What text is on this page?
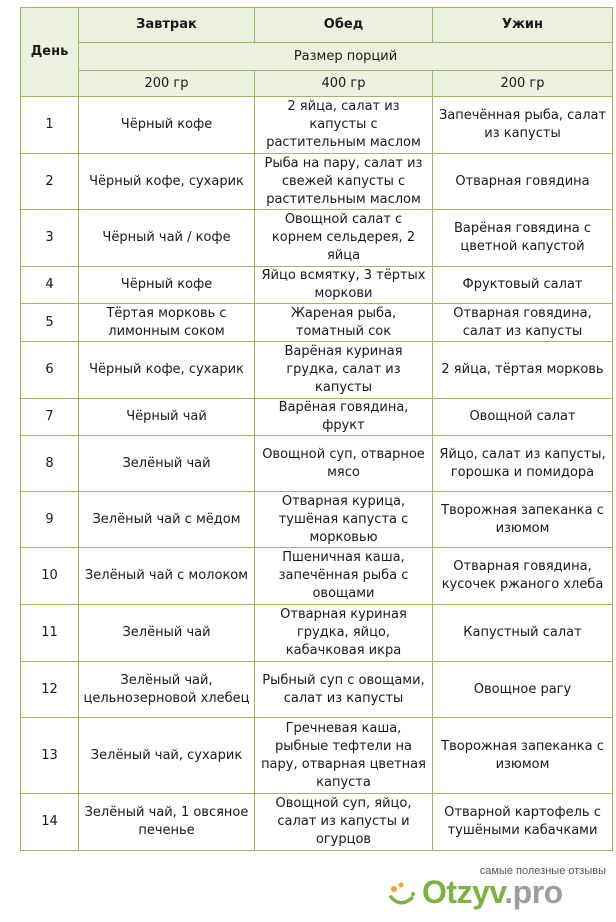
День	Завтрак	Обед	Ужин
	Размер порций		
	200 гр	400 гр	200 гр
1	Чёрный кофе	2 яйца, салат из капусты с растительным маслом	Запечённая рыба, салат из капусты
2	Чёрный кофе, сухарик	Рыба на пару, салат из свежей капусты с растительным маслом	Отварная говядина
3	Чёрный чай / кофе	Овощной салат с корнем сельдерея, 2 яйца	Варёная говядина с цветной капустой
4	Чёрный кофе	Яйцо всмятку, 3 тёртых моркови	Фруктовый салат
5	Тёртая морковь с лимонным соком	Жареная рыба, томатный сок	Отварная говядина, салат из капусты
6	Чёрный кофе, сухарик	Варёная куриная грудка, салат из капусты	2 яйца, тёртая морковь
7	Чёрный чай	Варёная говядина, фрукт	Овощной салат
8	Зелёный чай	Овощной суп, отварное мясо	Яйцо, салат из капусты, горошка и помидора
9	Зелёный чай с мёдом	Отварная курица, тушёная капуста с морковью	Творожная запеканка с изюмом
10	Зелёный чай с молоком	Пшеничная каша, запечённая рыба с овощами	Отварная говядина, кусочек ржаного хлеба
11	Зелёный чай	Отварная куриная грудка, яйцо, кабачковая икра	Капустный салат
12	Зелёный чай, цельнозерновой хлебец	Рыбный суп с овощами, салат из капусты	Овощное рагу
13	Зелёный чай, сухарик	Гречневая каша, рыбные тефтели на пару, отварная цветная капуста	Творожная запеканка с изюмом
14	Зелёный чай, 1 овсяное печенье	Овощной суп, яйцо, салат из капусты и огурцов	Отварной картофель с тушёными кабачками
самые полезные отзывы
Otzyv.pro
